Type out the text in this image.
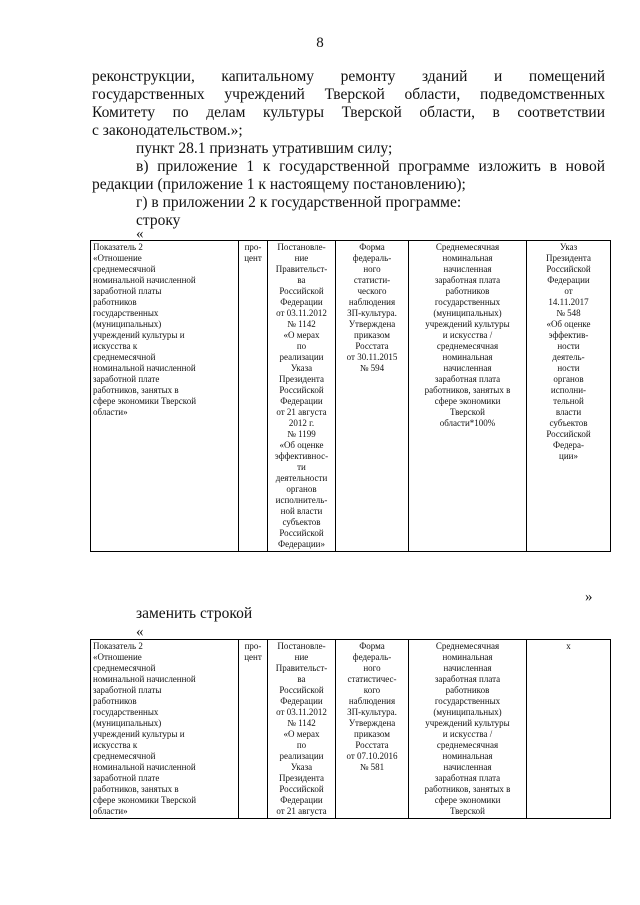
8
реконструкции, капитальному ремонту зданий и помещений
государственных учреждений Тверской области, подведомственных
Комитету по делам культуры Тверской области, в соответствии
с законодательством.»;
пункт 28.1 признать утратившим силу;
в) приложение 1 к государственной программе изложить в новой
редакции (приложение 1 к настоящему постановлению);
г) в приложении 2 к государственной программе:
строку
«
Показатель 2
«Отношение
среднемесячной
номинальной начисленной
заработной платы
работников
государственных
(муниципальных)
учреждений культуры и
искусства к
среднемесячной
номинальной начисленной
заработной плате
работников, занятых в
сфере экономики Тверской
области»

про-
цент

Постановле-
ние
Правительст-
ва
Российской
Федерации
от 03.11.2012
№ 1142
«О мерах
по
реализации
Указа
Президента
Российской
Федерации
от 21 августа
2012 г.
№ 1199
«Об оценке
эффективнос-
ти
деятельности
органов
исполнитель-
ной власти
субъектов
Российской
Федерации»

Форма
федераль-
ного
статисти-
ческого
наблюдения
ЗП-культура.
Утверждена
приказом
Росстата
от 30.11.2015
№ 594

Среднемесячная
номинальная
начисленная
заработная плата
работников
государственных
(муниципальных)
учреждений культуры
и искусства /
среднемесячная
номинальная
начисленная
заработная плата
работников, занятых в
сфере экономики
Тверской
области*100%

Указ
Президента
Российской
Федерации
от
14.11.2017
№ 548
«Об оценке
эффектив-
ности
деятель-
ности
органов
исполни-
тельной
власти
субъектов
Российской
Федера-
ции»
»
заменить строкой
«
Показатель 2
«Отношение
среднемесячной
номинальной начисленной
заработной платы
работников
государственных
(муниципальных)
учреждений культуры и
искусства к
среднемесячной
номинальной начисленной
заработной плате
работников, занятых в
сфере экономики Тверской
области»

про-
цент

Постановле-
ние
Правительст-
ва
Российской
Федерации
от 03.11.2012
№ 1142
«О мерах
по
реализации
Указа
Президента
Российской
Федерации
от 21 августа

Форма
федераль-
ного
статистичес-
кого
наблюдения
ЗП-культура.
Утверждена
приказом
Росстата
от 07.10.2016
№ 581

Среднемесячная
номинальная
начисленная
заработная плата
работников
государственных
(муниципальных)
учреждений культуры
и искусства /
среднемесячная
номинальная
начисленная
заработная плата
работников, занятых в
сфере экономики
Тверской

х
